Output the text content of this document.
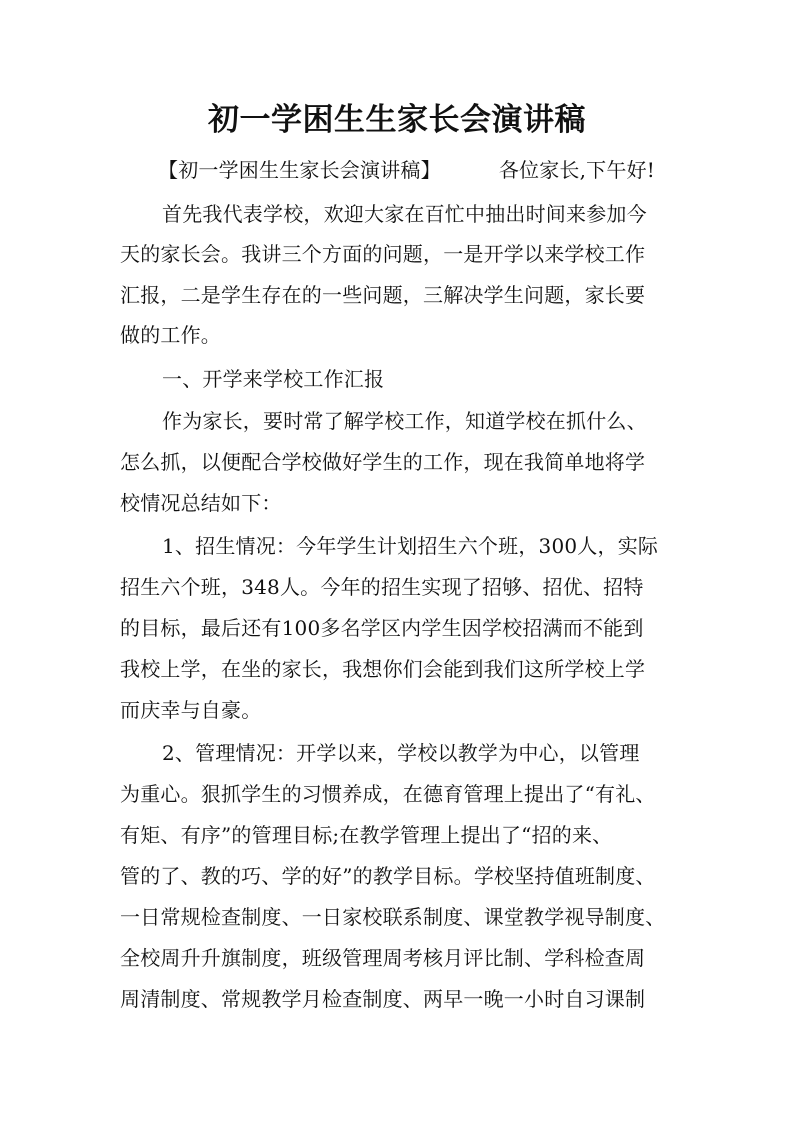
初一学困生生家长会演讲稿
【初一学困生生家长会演讲稿】	各位家长,下午好!
首先我代表学校，欢迎大家在百忙中抽出时间来参加今
天的家长会。我讲三个方面的问题，一是开学以来学校工作
汇报，二是学生存在的一些问题，三解决学生问题，家长要
做的工作。
一、开学来学校工作汇报
作为家长，要时常了解学校工作，知道学校在抓什么、
怎么抓，以便配合学校做好学生的工作，现在我简单地将学
校情况总结如下：
1、招生情况：今年学生计划招生六个班，300人，实际
招生六个班，348人。今年的招生实现了招够、招优、招特
的目标，最后还有100多名学区内学生因学校招满而不能到
我校上学，在坐的家长，我想你们会能到我们这所学校上学
而庆幸与自豪。
2、管理情况：开学以来，学校以教学为中心，以管理
为重心。狠抓学生的习惯养成，在德育管理上提出了“有礼、
有矩、有序”的管理目标;在教学管理上提出了“招的来、
管的了、教的巧、学的好”的教学目标。学校坚持值班制度、
一日常规检查制度、一日家校联系制度、课堂教学视导制度、
全校周升升旗制度，班级管理周考核月评比制、学科检查周
周清制度、常规教学月检查制度、两早一晚一小时自习课制
